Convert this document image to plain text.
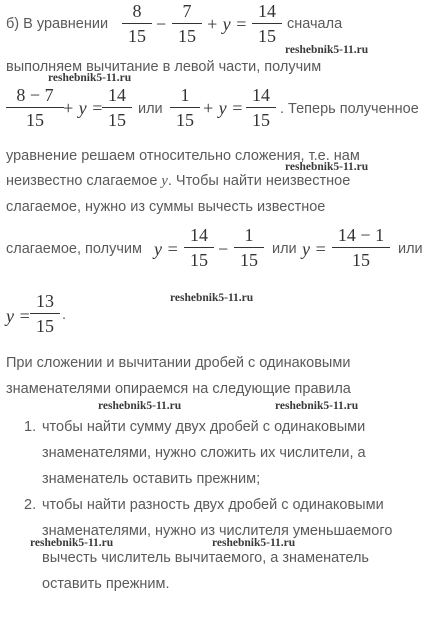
б) В уравнении
8
15
−
7
15
+ y =
14
15
сначала
reshebnik5-11.ru
выполняем вычитание в левой части, получим
reshebnik5-11.ru
8 − 7
15
+ y =
14
15
или
1
15
+ y =
14
15
. Теперь полученное
уравнение решаем относительно сложения, т.е. нам
reshebnik5-11.ru
неизвестно слагаемое y. Чтобы найти неизвестное
слагаемое, нужно из суммы вычесть известное
слагаемое, получим y =
14
15
−
1
15
или y =
14 − 1
15
или
y =
13
15
.
reshebnik5-11.ru
При сложении и вычитании дробей с одинаковыми
знаменателями опираемся на следующие правила
reshebnik5-11.ru	reshebnik5-11.ru
1. чтобы найти сумму двух дробей с одинаковыми
знаменателями, нужно сложить их числители, а
знаменатель оставить прежним;
2. чтобы найти разность двух дробей с одинаковыми
знаменателями, нужно из числителя уменьшаемого
reshebnik5-11.ru	reshebnik5-11.ru
вычесть числитель вычитаемого, а знаменатель
оставить прежним.
